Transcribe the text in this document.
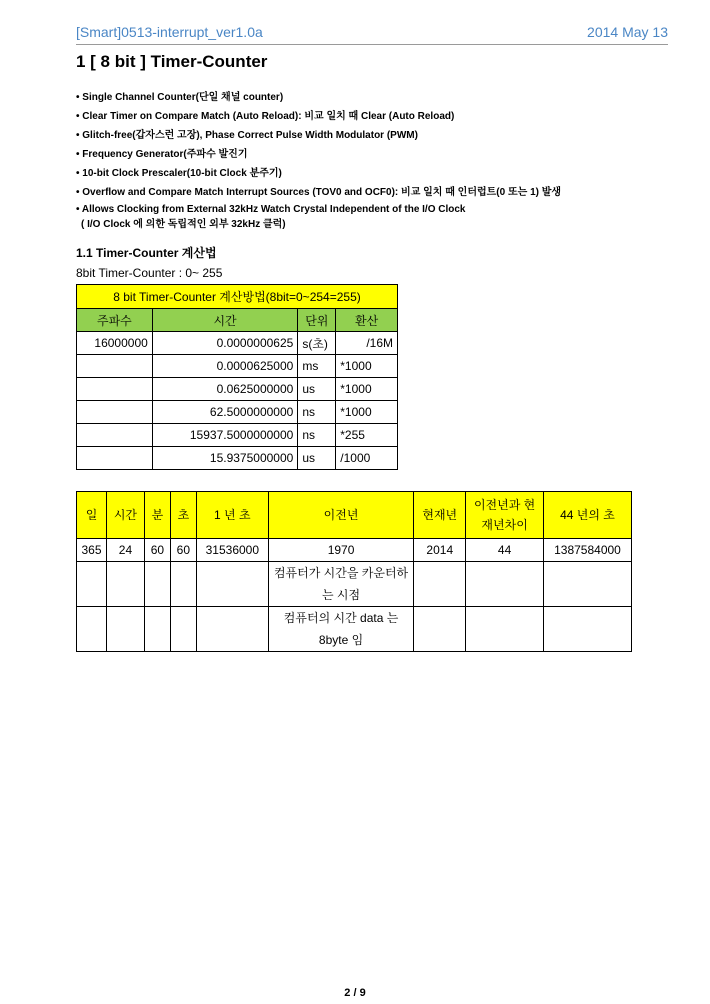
[Smart]0513-interrupt_ver1.0a	2014 May 13
1 [ 8 bit ] Timer-Counter
• Single Channel Counter(단일 채널 counter)
• Clear Timer on Compare Match (Auto Reload): 비교 일치 때 Clear (Auto Reload)
• Glitch-free(갑자스런 고장), Phase Correct Pulse Width Modulator (PWM)
• Frequency Generator(주파수 발진기
• 10-bit Clock Prescaler(10-bit Clock 분주기)
• Overflow and Compare Match Interrupt Sources (TOV0 and OCF0): 비교 일치 때 인터럽트(0 또는 1) 발생
• Allows Clocking from External 32kHz Watch Crystal Independent of the I/O Clock
( I/O Clock 에 의한 독립적인 외부 32kHz 클럭)
1.1 Timer-Counter 계산법
8bit Timer-Counter : 0~ 255
8 bit Timer-Counter 계산방법(8bit=0~254=255)			
주파수	시간	단위	환산
16000000	0.0000000625	s(초)	/16M
	0.0000625000	ms	*1000
	0.0625000000	us	*1000
	62.5000000000	ns	*1000
	15937.5000000000	ns	*255
	15.9375000000	us	/1000
일	시간	분	초	1 년 초	이전년	현재년	이전년과 현재년차이	44 년의 초
365	24	60	60	31536000	1970	2014	44	1387584000
					컴퓨터가 시간을 카운터하는 시점			
					컴퓨터의 시간 data 는 8byte 임			
2 / 9
